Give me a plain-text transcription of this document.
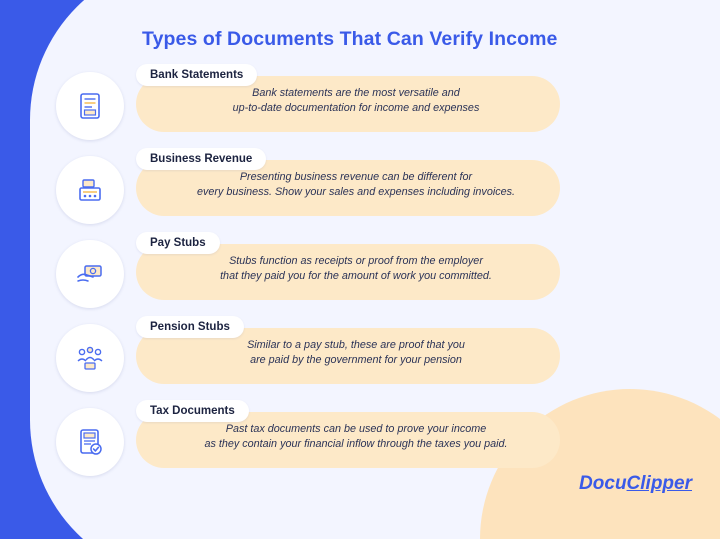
Types of Documents That Can Verify Income
Bank Statements
Bank statements are the most versatile and
up-to-date documentation for income and expenses
Business Revenue
Presenting business revenue can be different for
every business. Show your sales and expenses including invoices.
Pay Stubs
Stubs function as receipts or proof from the employer
that they paid you for the amount of work you committed.
Pension Stubs
Similar to a pay stub, these are proof that you
are paid by the government for your pension
Tax Documents
Past tax documents can be used to prove your income
as they contain your financial inflow through the taxes you paid.
DocuClipper
